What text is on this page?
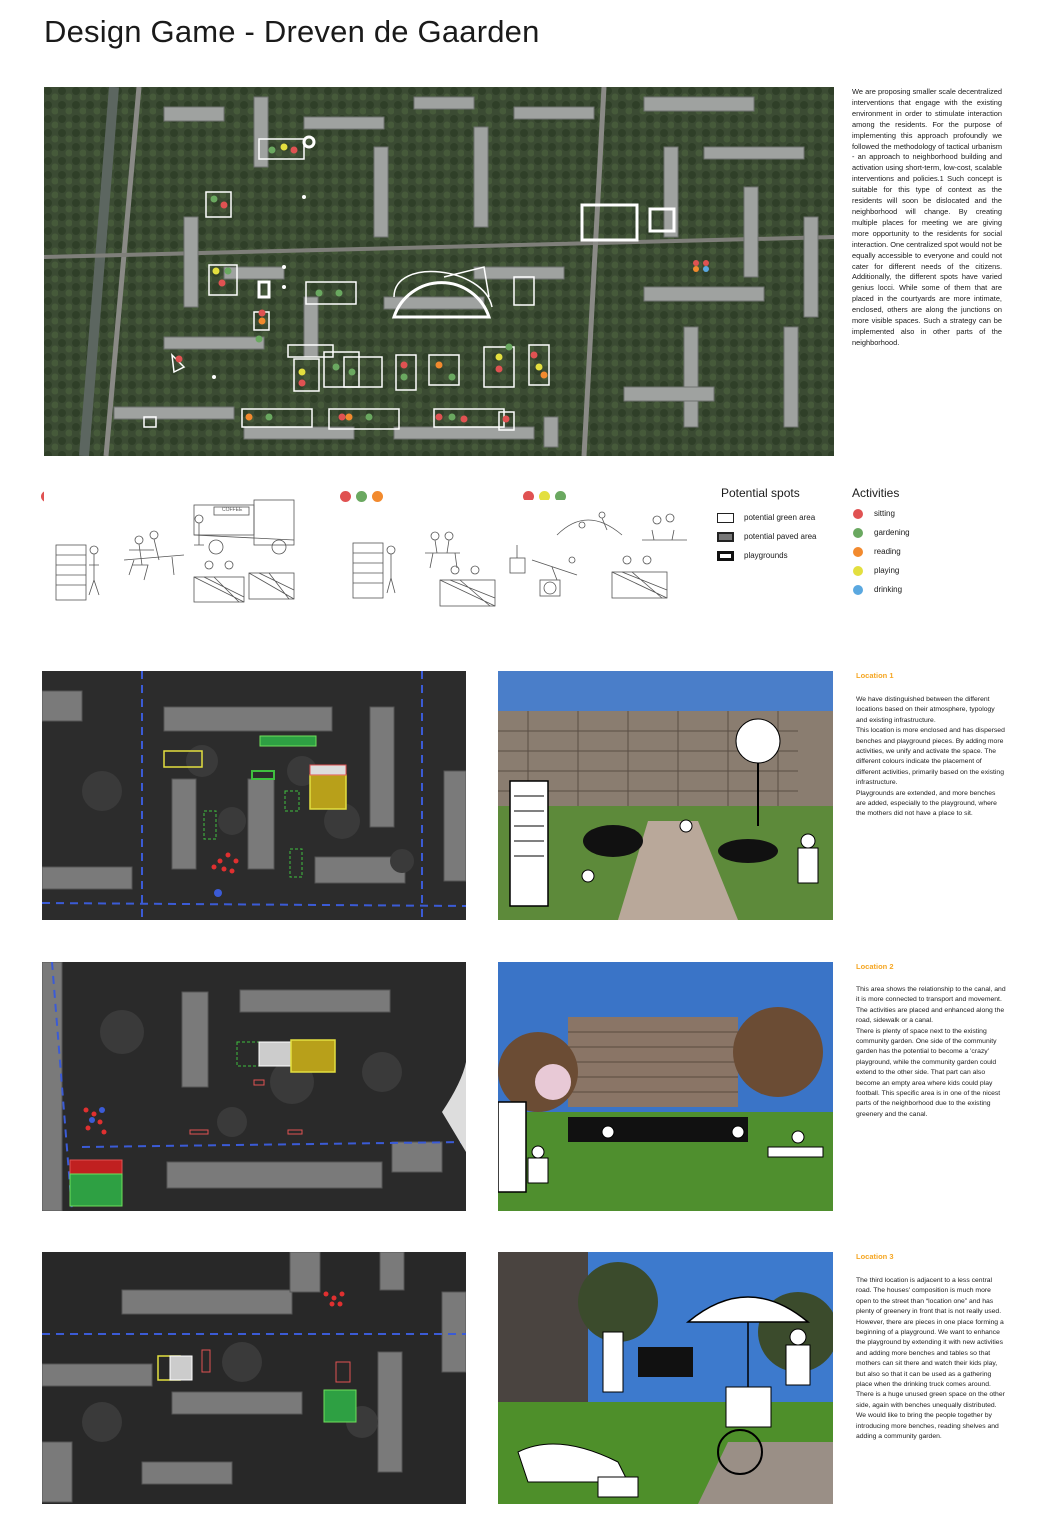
Design Game - Dreven de Gaarden
We are proposing smaller scale decentralized interventions that engage with the existing environment in order to stimulate interaction among the residents. For the purpose of implementing this approach profoundly we followed the methodology of tactical urbanism - an approach to neighborhood building and activation using short-term, low-cost, scalable interventions and policies.1 Such concept is suitable for this type of context as the residents will soon be dislocated and the neighborhood will change. By creating multiple places for meeting we are giving more opportunity to the residents for social interaction. One centralized spot would not be equally accessible to everyone and could not cater for different needs of the citizens. Additionally, the different spots have varied genius locci. While some of them that are placed in the courtyards are more intimate, enclosed, others are along the junctions on more visible spaces. Such a strategy can be implemented also in other parts of the neighborhood.
COFFEE
Potential spots
potential green area
potential paved area
playgrounds
Activities
sitting
gardening
reading
playing
drinking
Location 1

We have distinguished between the different locations based on their atmosphere, typology and existing infrastructure.

This location is more enclosed and has dispersed benches and playground pieces. By adding more activities, we unify and activate the space. The different colours indicate the placement of different activities, primarily based on the existing infrastructure.

Playgrounds are extended, and more benches are added, especially to the playground, where the mothers did not have a place to sit.

Location 2

This area shows the relationship to the canal, and it is more connected to transport and movement. The activities are placed and enhanced along the road, sidewalk or a canal.

There is plenty of space next to the existing community garden. One side of the community garden has the potential to become a 'crazy' playground, while the community garden could extend to the other side. That part can also become an empty area where kids could play football. This specific area is in one of the nicest parts of the neighborhood due to the existing greenery and the canal.

Location 3

The third location is adjacent to a less central road. The houses' composition is much more open to the street than “location one” and has plenty of greenery in front that is not really used. However, there are pieces in one place forming a beginning of a playground. We want to enhance the playground by extending it with new activities and adding more benches and tables so that mothers can sit there and watch their kids play, but also so that it can be used as a gathering place when the drinking truck comes around.

There is a huge unused green space on the other side, again with benches unequally distributed. We would like to bring the people together by introducing more benches, reading shelves and adding a community garden.
